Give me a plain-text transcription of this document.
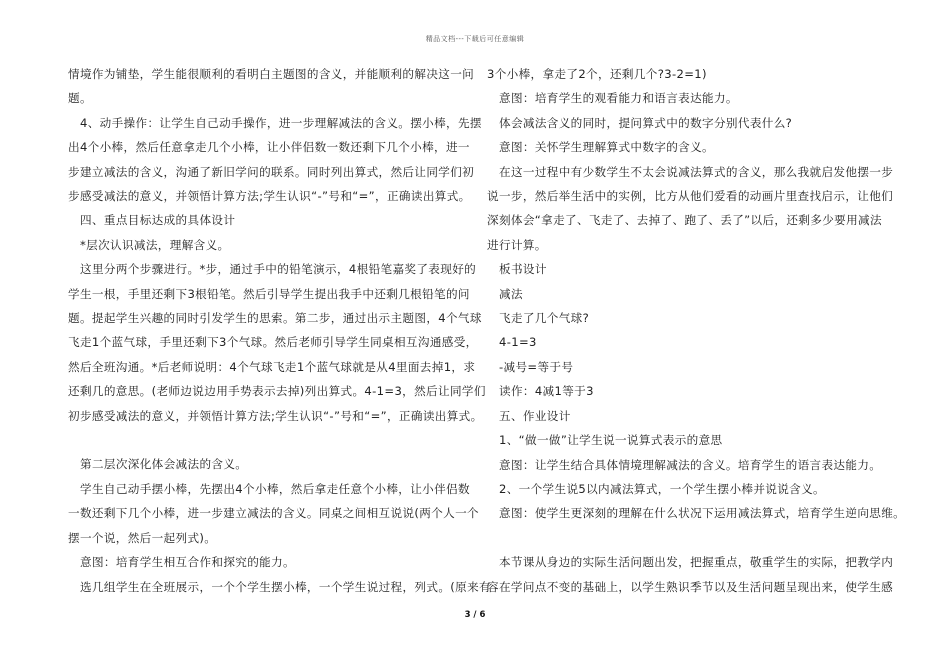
精品文档---下载后可任意编辑

情境作为铺垫，学生能很顺利的看明白主题图的含义，并能顺利的解决这一问

题。

4、动手操作：让学生自己动手操作，进一步理解减法的含义。摆小棒，先摆

出4个小棒，然后任意拿走几个小棒，让小伴侣数一数还剩下几个小棒，进一

步建立减法的含义，沟通了新旧学问的联系。同时列出算式，然后让同学们初

步感受减法的意义，并领悟计算方法;学生认识“-”号和“=”，正确读出算式。

四、重点目标达成的具体设计

*层次认识减法，理解含义。

这里分两个步骤进行。*步，通过手中的铅笔演示，4根铅笔嘉奖了表现好的

学生一根，手里还剩下3根铅笔。然后引导学生提出我手中还剩几根铅笔的问

题。提起学生兴趣的同时引发学生的思索。第二步，通过出示主题图，4个气球

飞走1个蓝气球，手里还剩下3个气球。然后老师引导学生同桌相互沟通感受，

然后全班沟通。*后老师说明：4个气球飞走1个蓝气球就是从4里面去掉1，求

还剩几的意思。(老师边说边用手势表示去掉)列出算式。4-1=3，然后让同学们

初步感受减法的意义，并领悟计算方法;学生认识“-”号和“=”，正确读出算式。

第二层次深化体会减法的含义。

学生自己动手摆小棒，先摆出4个小棒，然后拿走任意个小棒，让小伴侣数

一数还剩下几个小棒，进一步建立减法的含义。同桌之间相互说说(两个人一个

摆一个说，然后一起列式)。

意图：培育学生相互合作和探究的能力。

选几组学生在全班展示，一个个学生摆小棒，一个学生说过程，列式。(原来有

3个小棒，拿走了2个，还剩几个?3-2=1)

意图：培育学生的观看能力和语言表达能力。

体会减法含义的同时，提问算式中的数字分别代表什么?

意图：关怀学生理解算式中数字的含义。

在这一过程中有少数学生不太会说减法算式的含义，那么我就启发他摆一步

说一步，然后举生活中的实例，比方从他们爱看的动画片里查找启示，让他们

深刻体会“拿走了、飞走了、去掉了、跑了、丢了”以后，还剩多少要用减法

进行计算。

板书设计

减法

飞走了几个气球?

4-1=3

-减号=等于号

读作：4减1等于3

五、作业设计

1、“做一做”让学生说一说算式表示的意思

意图：让学生结合具体情境理解减法的含义。培育学生的语言表达能力。

2、一个学生说5以内减法算式，一个学生摆小棒并说说含义。

意图：使学生更深刻的理解在什么状况下运用减法算式，培育学生逆向思维。

本节课从身边的实际生活问题出发，把握重点，敬重学生的实际，把教学内

容在学问点不变的基础上，以学生熟识季节以及生活问题呈现出来，使学生感

3 / 6
